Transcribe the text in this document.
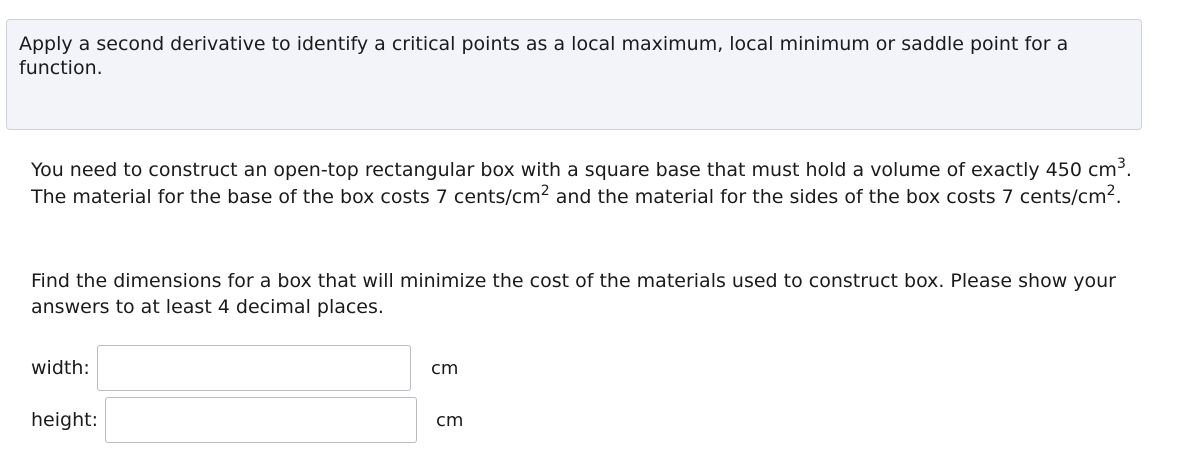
Apply a second derivative to identify a critical points as a local maximum, local minimum or saddle point for a function.

You need to construct an open-top rectangular box with a square base that must hold a volume of exactly 450 $cm^3$. The material for the base of the box costs 7 cents/$cm^2$ and the material for the sides of the box costs 7 cents/$cm^2$.

Find the dimensions for a box that will minimize the cost of the materials used to construct box. Please show your answers to at least 4 decimal places.

width:	cm
height:	cm
